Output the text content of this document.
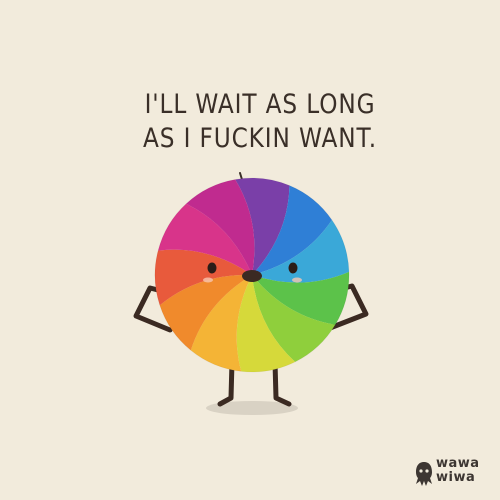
I'LL WAIT AS LONG
AS I FUCKIN WANT.
wawa
wiwa
